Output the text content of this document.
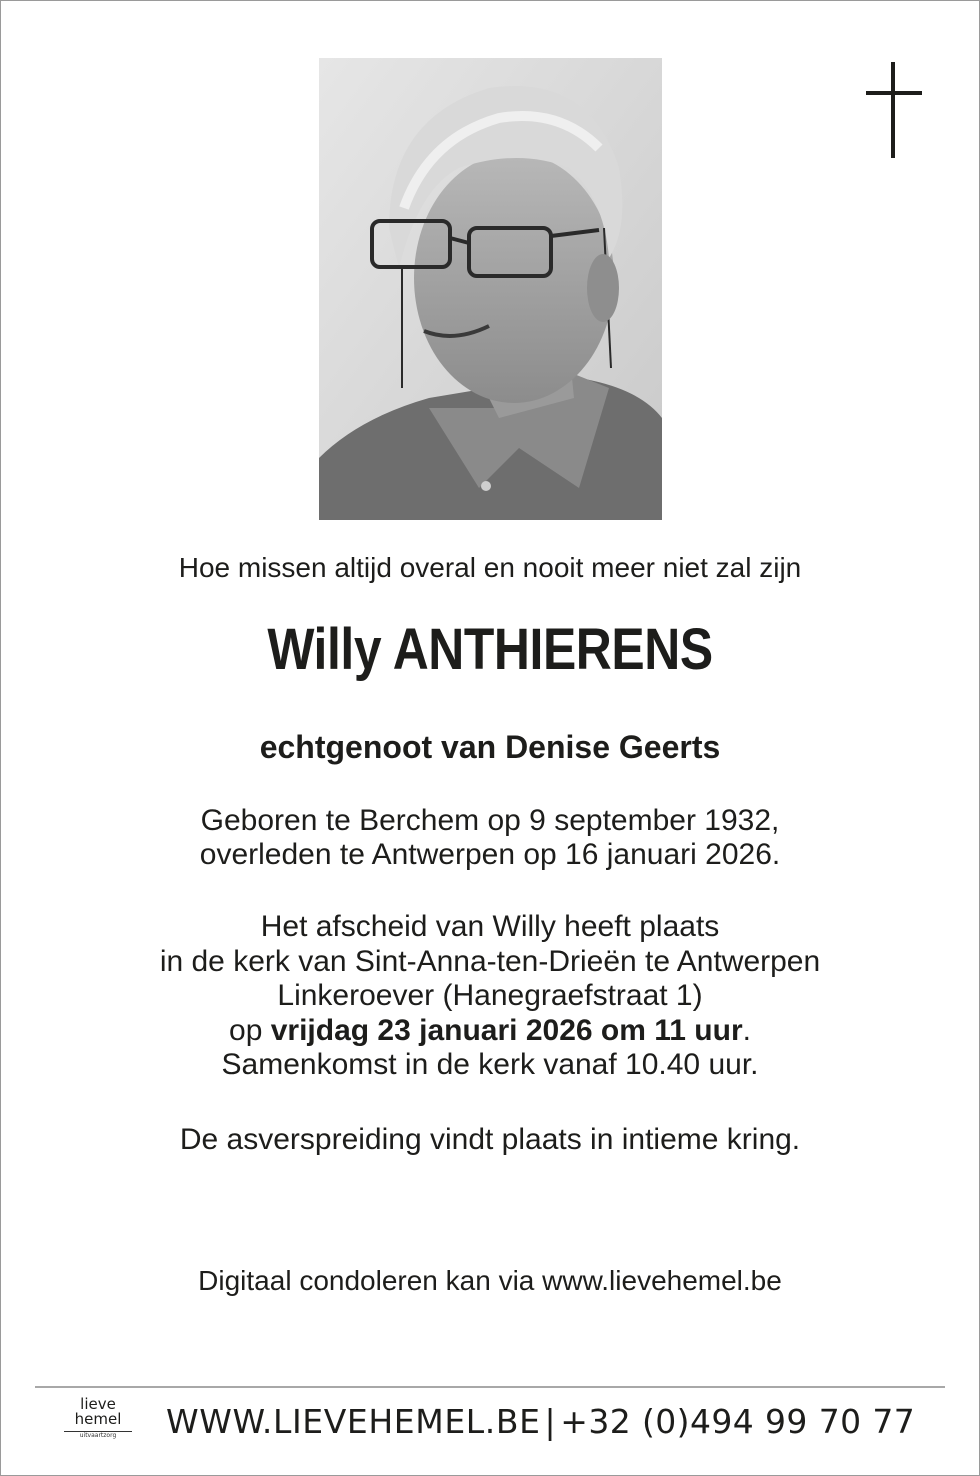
Hoe missen altijd overal en nooit meer niet zal zijn
Willy ANTHIERENS
echtgenoot van Denise Geerts
Geboren te Berchem op 9 september 1932,
overleden te Antwerpen op 16 januari 2026.
Het afscheid van Willy heeft plaats
in de kerk van Sint-Anna-ten-Drieën te Antwerpen
Linkeroever (Hanegraefstraat 1)
op vrijdag 23 januari 2026 om 11 uur.
Samenkomst in de kerk vanaf 10.40 uur.
De asverspreiding vindt plaats in intieme kring.
Digitaal condoleren kan via www.lievehemel.be
lieve
hemel
uitvaartzorg	WWW.LIEVEHEMEL.BE | +32 (0)494 99 70 77
